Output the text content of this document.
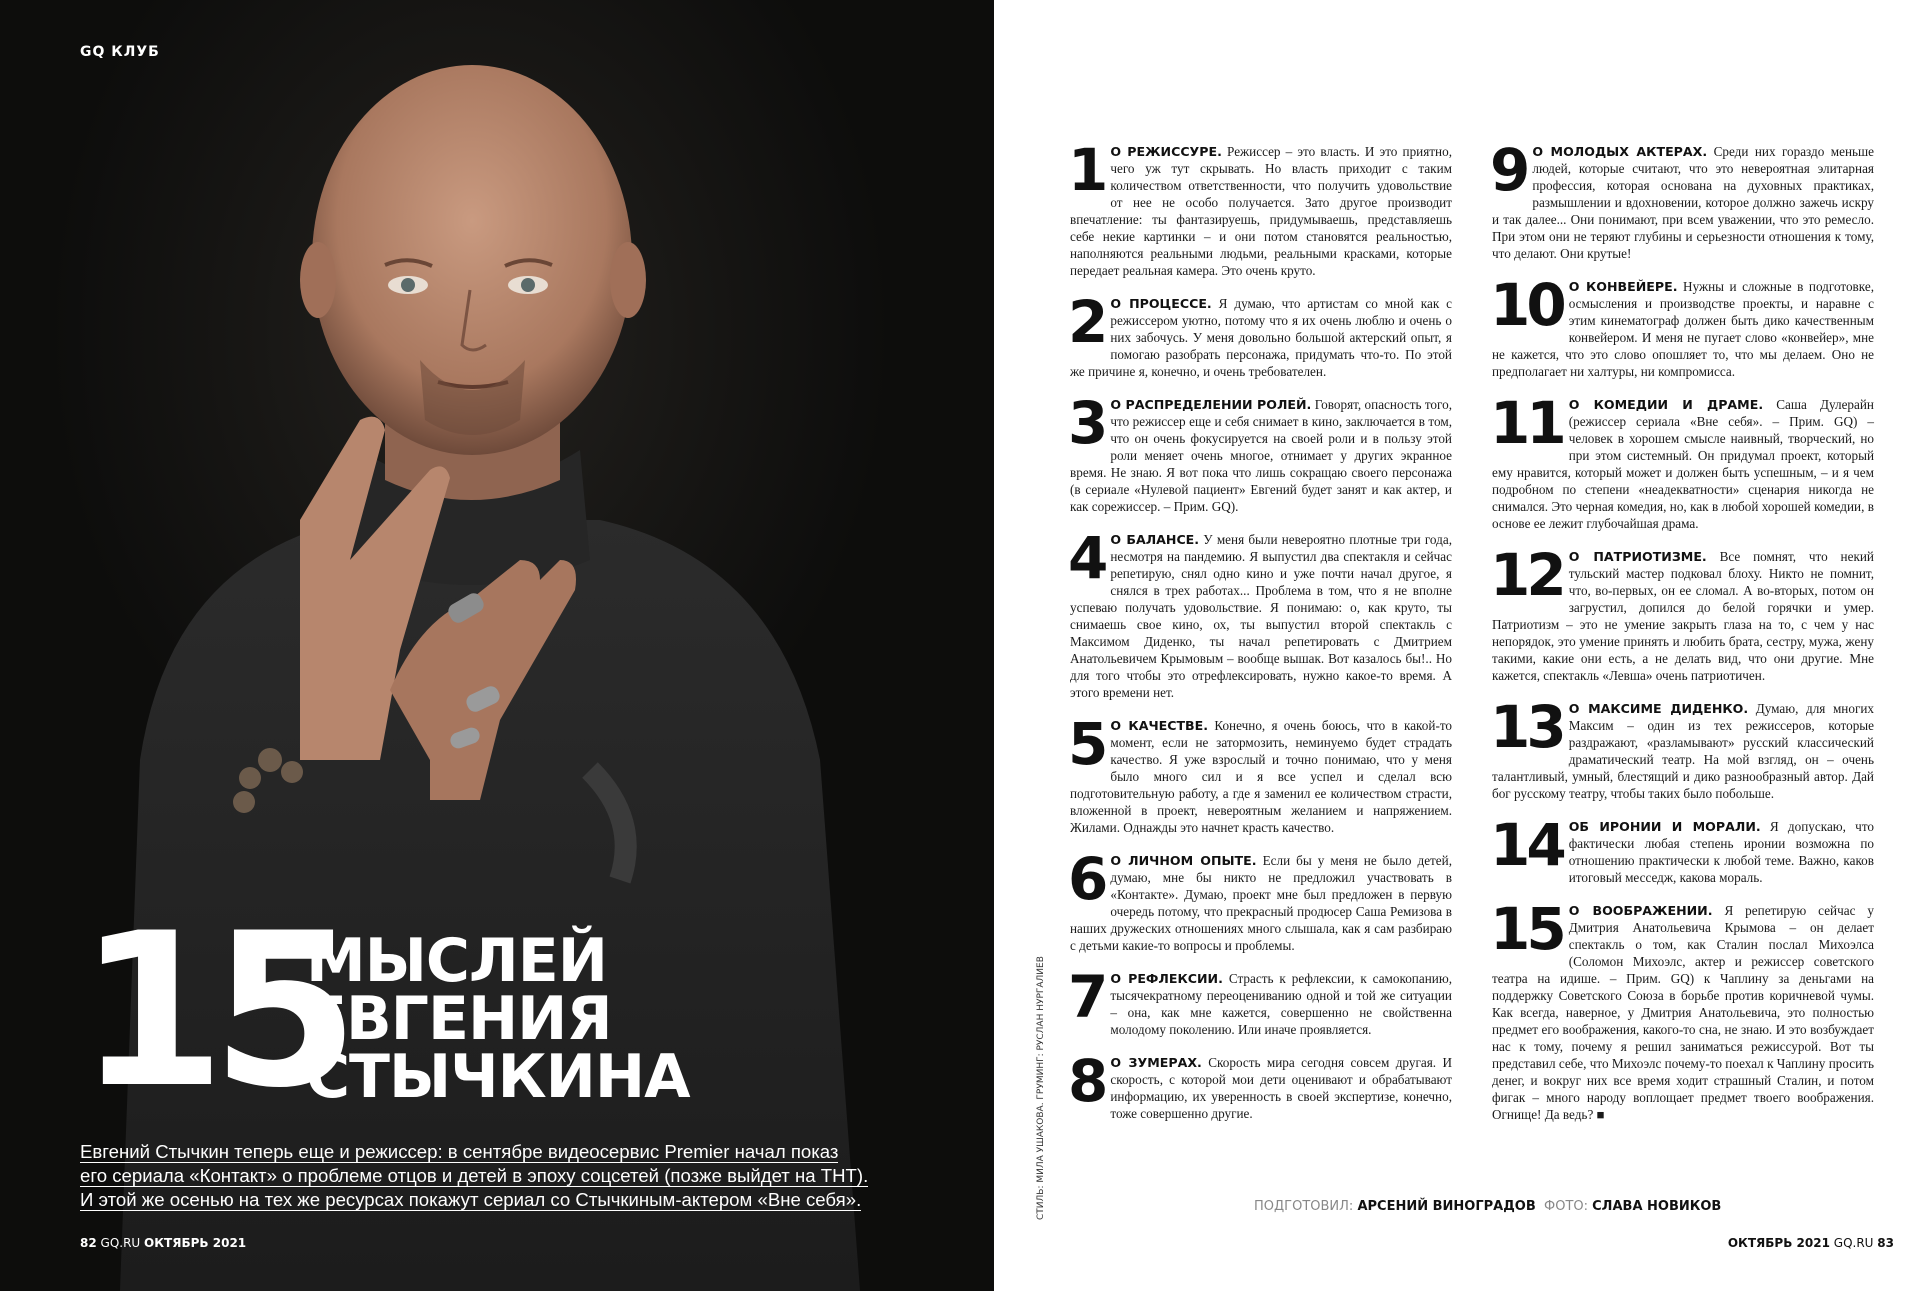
GQ КЛУБ

15

МЫСЛЕЙ
ЕВГЕНИЯ
СТЫЧКИНА

Евгений Стычкин теперь еще и режиссер: в сентябре видеосервис Premier начал показ
его сериала «Контакт» о проблеме отцов и детей в эпоху соцсетей (позже выйдет на ТНТ).
И этой же осенью на тех же ресурсах покажут сериал со Стычкиным-актером «Вне себя».

82 GQ.RU ОКТЯБРЬ 2021

СТИЛЬ: МИЛА УШАКОВА. ГРУМИНГ: РУСЛАН НУРГАЛИЕВ

1 О РЕЖИССУРЕ. Режиссер – это власть. И это приятно, чего уж тут скрывать. Но власть приходит с таким количеством ответственности, что получить удовольствие от нее не особо получается. Зато другое производит впечатление: ты фантазируешь, придумываешь, представляешь себе некие картинки – и они потом становятся реальностью, наполняются реальными людьми, реальными красками, которые передает реальная камера. Это очень круто.

2 О ПРОЦЕССЕ. Я думаю, что артистам со мной как с режиссером уютно, потому что я их очень люблю и очень о них забочусь. У меня довольно большой актерский опыт, я помогаю разобрать персонажа, придумать что-то. По этой же причине я, конечно, и очень требователен.

3 О РАСПРЕДЕЛЕНИИ РОЛЕЙ. Говорят, опасность того, что режиссер еще и себя снимает в кино, заключается в том, что он очень фокусируется на своей роли и в пользу этой роли меняет очень многое, отнимает у других экранное время. Не знаю. Я вот пока что лишь сокращаю своего персонажа (в сериале «Нулевой пациент» Евгений будет занят и как актер, и как сорежиссер. – Прим. GQ).

4 О БАЛАНСЕ. У меня были невероятно плотные три года, несмотря на пандемию. Я выпустил два спектакля и сейчас репетирую, снял одно кино и уже почти начал другое, я снялся в трех работах... Проблема в том, что я не вполне успеваю получать удовольствие. Я понимаю: о, как круто, ты снимаешь свое кино, ох, ты выпустил второй спектакль с Максимом Диденко, ты начал репетировать с Дмитрием Анатольевичем Крымовым – вообще вышак. Вот казалось бы!.. Но для того чтобы это отрефлексировать, нужно какое-то время. А этого времени нет.

5 О КАЧЕСТВЕ. Конечно, я очень боюсь, что в какой-то момент, если не затормозить, неминуемо будет страдать качество. Я уже взрослый и точно понимаю, что у меня было много сил и я все успел и сделал всю подготовительную работу, а где я заменил ее количеством страсти, вложенной в проект, невероятным желанием и напряжением. Жилами. Однажды это начнет красть качество.

6 О ЛИЧНОМ ОПЫТЕ. Если бы у меня не было детей, думаю, мне бы никто не предложил участвовать в «Контакте». Думаю, проект мне был предложен в первую очередь потому, что прекрасный продюсер Саша Ремизова в наших дружеских отношениях много слышала, как я сам разбираю с детьми какие-то вопросы и проблемы.

7 О РЕФЛЕКСИИ. Страсть к рефлексии, к самокопанию, тысячекратному переоцениванию одной и той же ситуации – она, как мне кажется, совершенно не свойственна молодому поколению. Или иначе проявляется.

8 О ЗУМЕРАХ. Скорость мира сегодня совсем другая. И скорость, с которой мои дети оценивают и обрабатывают информацию, их уверенность в своей экспертизе, конечно, тоже совершенно другие.

9 О МОЛОДЫХ АКТЕРАХ. Среди них гораздо меньше людей, которые считают, что это невероятная элитарная профессия, которая основана на духовных практиках, размышлении и вдохновении, которое должно зажечь искру и так далее... Они понимают, при всем уважении, что это ремесло. При этом они не теряют глубины и серьезности отношения к тому, что делают. Они крутые!

10 О КОНВЕЙЕРЕ. Нужны и сложные в подготовке, осмысления и производстве проекты, и наравне с этим кинематограф должен быть дико качественным конвейером. И меня не пугает слово «конвейер», мне не кажется, что это слово опошляет то, что мы делаем. Оно не предполагает ни халтуры, ни компромисса.

11 О КОМЕДИИ И ДРАМЕ. Саша Дулерайн (режиссер сериала «Вне себя». – Прим. GQ) – человек в хорошем смысле наивный, творческий, но при этом системный. Он придумал проект, который ему нравится, который может и должен быть успешным, – и я чем подробном по степени «неадекватности» сценария никогда не снимался. Это черная комедия, но, как в любой хорошей комедии, в основе ее лежит глубочайшая драма.

12 О ПАТРИОТИЗМЕ. Все помнят, что некий тульский мастер подковал блоху. Никто не помнит, что, во-первых, он ее сломал. А во-вторых, потом он загрустил, допился до белой горячки и умер. Патриотизм – это не умение закрыть глаза на то, с чем у нас непорядок, это умение принять и любить брата, сестру, мужа, жену такими, какие они есть, а не делать вид, что они другие. Мне кажется, спектакль «Левша» очень патриотичен.

13 О МАКСИМЕ ДИДЕНКО. Думаю, для многих Максим – один из тех режиссеров, которые раздражают, «разламывают» русский классический драматический театр. На мой взгляд, он – очень талантливый, умный, блестящий и дико разнообразный автор. Дай бог русскому театру, чтобы таких было побольше.

14 ОБ ИРОНИИ И МОРАЛИ. Я допускаю, что фактически любая степень иронии возможна по отношению практически к любой теме. Важно, каков итоговый месседж, какова мораль.

15 О ВООБРАЖЕНИИ. Я репетирую сейчас у Дмитрия Анатольевича Крымова – он делает спектакль о том, как Сталин послал Михоэлса (Соломон Михоэлс, актер и режиссер советского театра на идише. – Прим. GQ) к Чаплину за деньгами на поддержку Советского Союза в борьбе против коричневой чумы. Как всегда, наверное, у Дмитрия Анатольевича, это полностью предмет его воображения, какого-то сна, не знаю. И это возбуждает нас к тому, почему я решил заниматься режиссурой. Вот ты представил себе, что Михоэлс почему-то поехал к Чаплину просить денег, и вокруг них все время ходит страшный Сталин, и потом фигак – много народу воплощает предмет твоего воображения. Огнище! Да ведь? ■

ПОДГОТОВИЛ: АРСЕНИЙ ВИНОГРАДОВ ФОТО: СЛАВА НОВИКОВ

ОКТЯБРЬ 2021 GQ.RU 83
